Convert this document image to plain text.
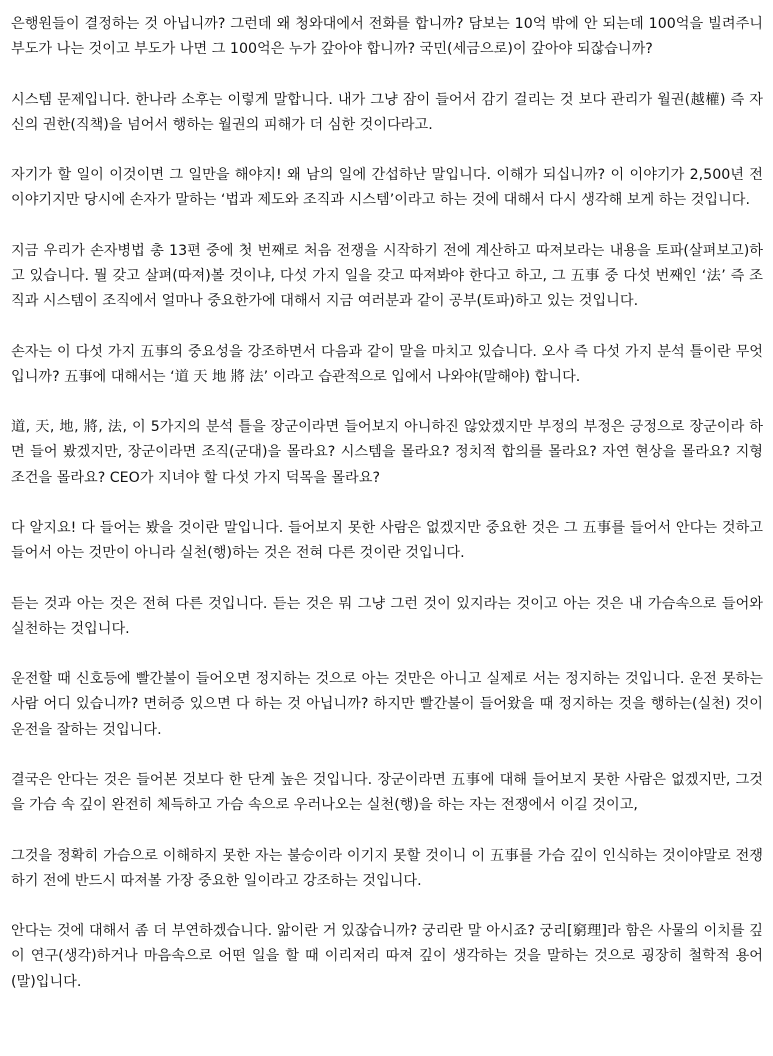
은행원들이 결정하는 것 아닙니까? 그런데 왜 청와대에서 전화를 합니까? 담보는 10억 밖에 안 되는데 100억을 빌려주니 부도가 나는 것이고 부도가 나면 그 100억은 누가 갚아야 합니까? 국민(세금으로)이 갚아야 되잖습니까?

시스템 문제입니다. 한나라 소후는 이렇게 말합니다. 내가 그냥 잠이 들어서 감기 걸리는 것 보다 관리가 월권(越權) 즉 자신의 권한(직책)을 넘어서 행하는 월권의 피해가 더 심한 것이다라고.

자기가 할 일이 이것이면 그 일만을 해야지! 왜 남의 일에 간섭하난 말입니다. 이해가 되십니까? 이 이야기가 2,500년 전 이야기지만 당시에 손자가 말하는 ‘법과 제도와 조직과 시스템’이라고 하는 것에 대해서 다시 생각해 보게 하는 것입니다.

지금 우리가 손자병법 총 13편 중에 첫 번째로 처음 전쟁을 시작하기 전에 계산하고 따져보라는 내용을 토파(살펴보고)하고 있습니다. 뭘 갖고 살펴(따져)볼 것이냐, 다섯 가지 일을 갖고 따져봐야 한다고 하고, 그 五事 중 다섯 번째인 ‘法’ 즉 조직과 시스템이 조직에서 얼마나 중요한가에 대해서 지금 여러분과 같이 공부(토파)하고 있는 것입니다.

손자는 이 다섯 가지 五事의 중요성을 강조하면서 다음과 같이 말을 마치고 있습니다. 오사 즉 다섯 가지 분석 틀이란 무엇입니까? 五事에 대해서는 ‘道 天 地 將 法’ 이라고 습관적으로 입에서 나와야(말해야) 합니다.

道, 天, 地, 將, 法, 이 5가지의 분석 틀을 장군이라면 들어보지 아니하진 않았겠지만 부정의 부정은 긍정으로 장군이라 하면 들어 봤겠지만, 장군이라면 조직(군대)을 몰라요? 시스템을 몰라요? 정치적 합의를 몰라요? 자연 현상을 몰라요? 지형 조건을 몰라요? CEO가 지녀야 할 다섯 가지 덕목을 몰라요?

다 알지요! 다 들어는 봤을 것이란 말입니다. 들어보지 못한 사람은 없겠지만 중요한 것은 그 五事를 들어서 안다는 것하고 들어서 아는 것만이 아니라 실천(행)하는 것은 전혀 다른 것이란 것입니다.

듣는 것과 아는 것은 전혀 다른 것입니다. 듣는 것은 뭐 그냥 그런 것이 있지라는 것이고 아는 것은 내 가슴속으로 들어와 실천하는 것입니다.

운전할 때 신호등에 빨간불이 들어오면 정지하는 것으로 아는 것만은 아니고 실제로 서는 정지하는 것입니다. 운전 못하는 사람 어디 있습니까? 면허증 있으면 다 하는 것 아닙니까? 하지만 빨간불이 들어왔을 때 정지하는 것을 행하는(실천) 것이 운전을 잘하는 것입니다.

결국은 안다는 것은 들어본 것보다 한 단계 높은 것입니다. 장군이라면 五事에 대해 들어보지 못한 사람은 없겠지만, 그것을 가슴 속 깊이 완전히 체득하고 가슴 속으로 우러나오는 실천(행)을 하는 자는 전쟁에서 이길 것이고,

그것을 정확히 가슴으로 이해하지 못한 자는 불승이라 이기지 못할 것이니 이 五事를 가슴 깊이 인식하는 것이야말로 전쟁하기 전에 반드시 따져볼 가장 중요한 일이라고 강조하는 것입니다.

안다는 것에 대해서 좀 더 부연하겠습니다. 앎이란 거 있잖습니까? 궁리란 말 아시죠? 궁리[窮理]라 함은 사물의 이치를 깊이 연구(생각)하거나 마음속으로 어떤 일을 할 때 이리저리 따져 깊이 생각하는 것을 말하는 것으로 굉장히 철학적 용어(말)입니다.
